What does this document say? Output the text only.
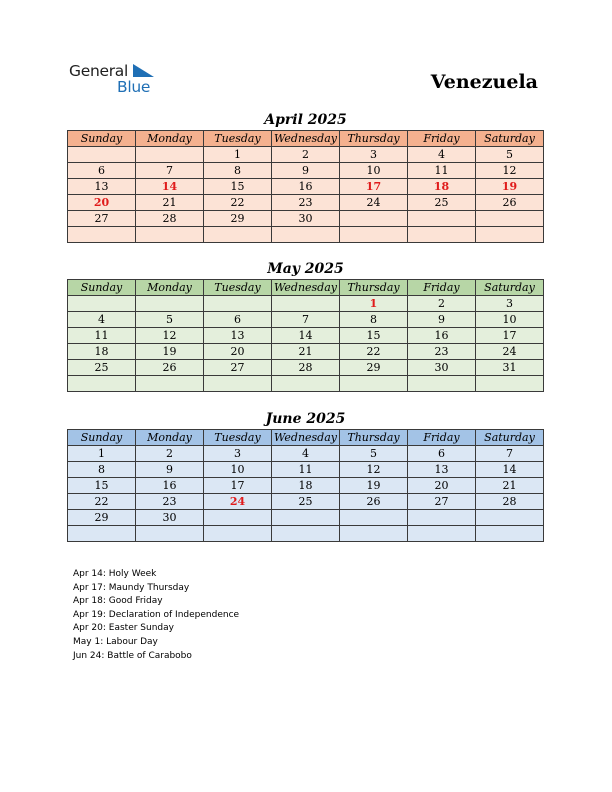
General
Blue	Venezuela
April 2025
Sunday	Monday	Tuesday	Wednesday	Thursday	Friday	Saturday
		1	2	3	4	5
6	7	8	9	10	11	12
13	14	15	16	17	18	19
20	21	22	23	24	25	26
27	28	29	30			

May 2025
Sunday	Monday	Tuesday	Wednesday	Thursday	Friday	Saturday
				1	2	3
4	5	6	7	8	9	10
11	12	13	14	15	16	17
18	19	20	21	22	23	24
25	26	27	28	29	30	31

June 2025
Sunday	Monday	Tuesday	Wednesday	Thursday	Friday	Saturday
1	2	3	4	5	6	7
8	9	10	11	12	13	14
15	16	17	18	19	20	21
22	23	24	25	26	27	28
29	30					

Apr 14: Holy Week
Apr 17: Maundy Thursday
Apr 18: Good Friday
Apr 19: Declaration of Independence
Apr 20: Easter Sunday
May 1: Labour Day
Jun 24: Battle of Carabobo
